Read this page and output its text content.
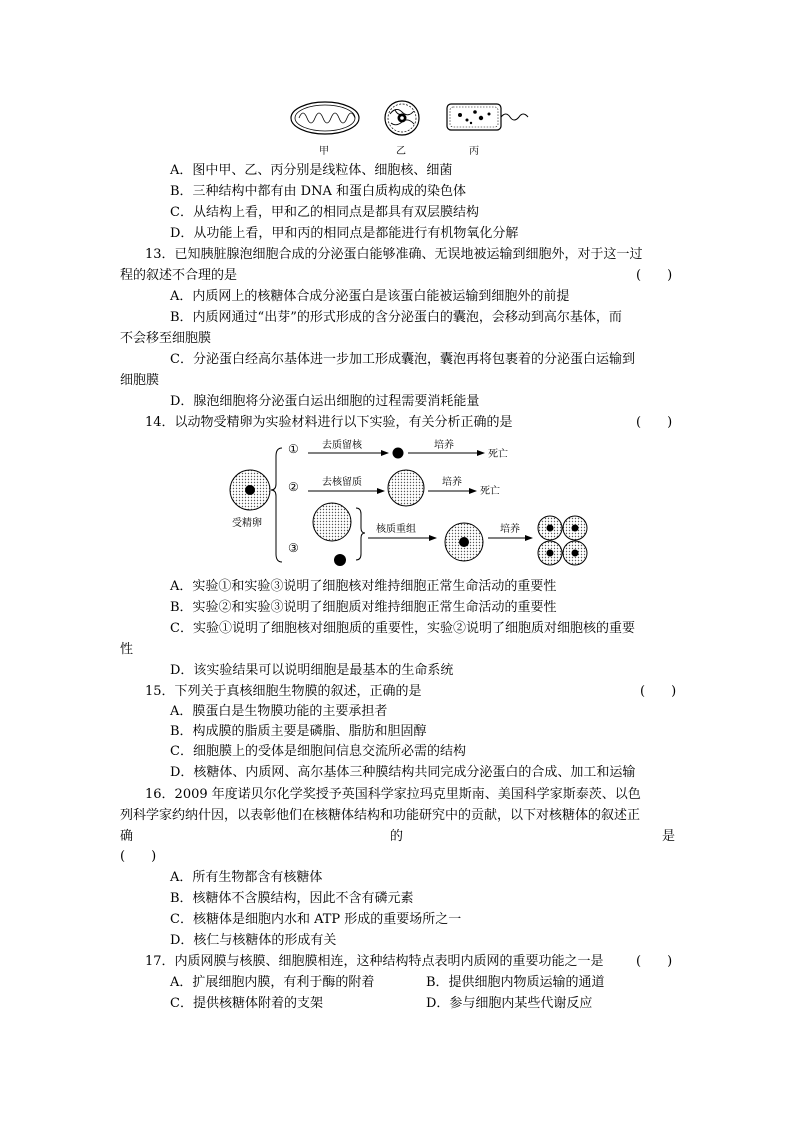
甲	乙	丙
A．图中甲、乙、丙分别是线粒体、细胞核、细菌
B．三种结构中都有由 DNA 和蛋白质构成的染色体
C．从结构上看，甲和乙的相同点是都具有双层膜结构
D．从功能上看，甲和丙的相同点是都能进行有机物氧化分解
13．已知胰脏腺泡细胞合成的分泌蛋白能够准确、无误地被运输到细胞外，对于这一过
程的叙述不合理的是	(　　)
A．内质网上的核糖体合成分泌蛋白是该蛋白能被运输到细胞外的前提
B．内质网通过“出芽”的形式形成的含分泌蛋白的囊泡，会移动到高尔基体，而
不会移至细胞膜
C．分泌蛋白经高尔基体进一步加工形成囊泡，囊泡再将包裹着的分泌蛋白运输到
细胞膜
D．腺泡细胞将分泌蛋白运出细胞的过程需要消耗能量
14．以动物受精卵为实验材料进行以下实验，有关分析正确的是	(　　)
受精卵
① 去质留核	培养
死亡
② 去核留质	培养
死亡
③
核质重组	培养
A．实验①和实验③说明了细胞核对维持细胞正常生命活动的重要性
B．实验②和实验③说明了细胞质对维持细胞正常生命活动的重要性
C．实验①说明了细胞核对细胞质的重要性，实验②说明了细胞质对细胞核的重要
性
D．该实验结果可以说明细胞是最基本的生命系统
15．下列关于真核细胞生物膜的叙述，正确的是	(　　)
A．膜蛋白是生物膜功能的主要承担者
B．构成膜的脂质主要是磷脂、脂肪和胆固醇
C．细胞膜上的受体是细胞间信息交流所必需的结构
D．核糖体、内质网、高尔基体三种膜结构共同完成分泌蛋白的合成、加工和运输
16．2009 年度诺贝尔化学奖授予英国科学家拉玛克里斯南、美国科学家斯泰茨、以色
列科学家约纳什因，以表彰他们在核糖体结构和功能研究中的贡献，以下对核糖体的叙述正
确	的	是
(　　)
A．所有生物都含有核糖体
B．核糖体不含膜结构，因此不含有磷元素
C．核糖体是细胞内水和 ATP 形成的重要场所之一
D．核仁与核糖体的形成有关
17．内质网膜与核膜、细胞膜相连，这种结构特点表明内质网的重要功能之一是 (　　)
A．扩展细胞内膜，有利于酶的附着	B．提供细胞内物质运输的通道
C．提供核糖体附着的支架	D．参与细胞内某些代谢反应
